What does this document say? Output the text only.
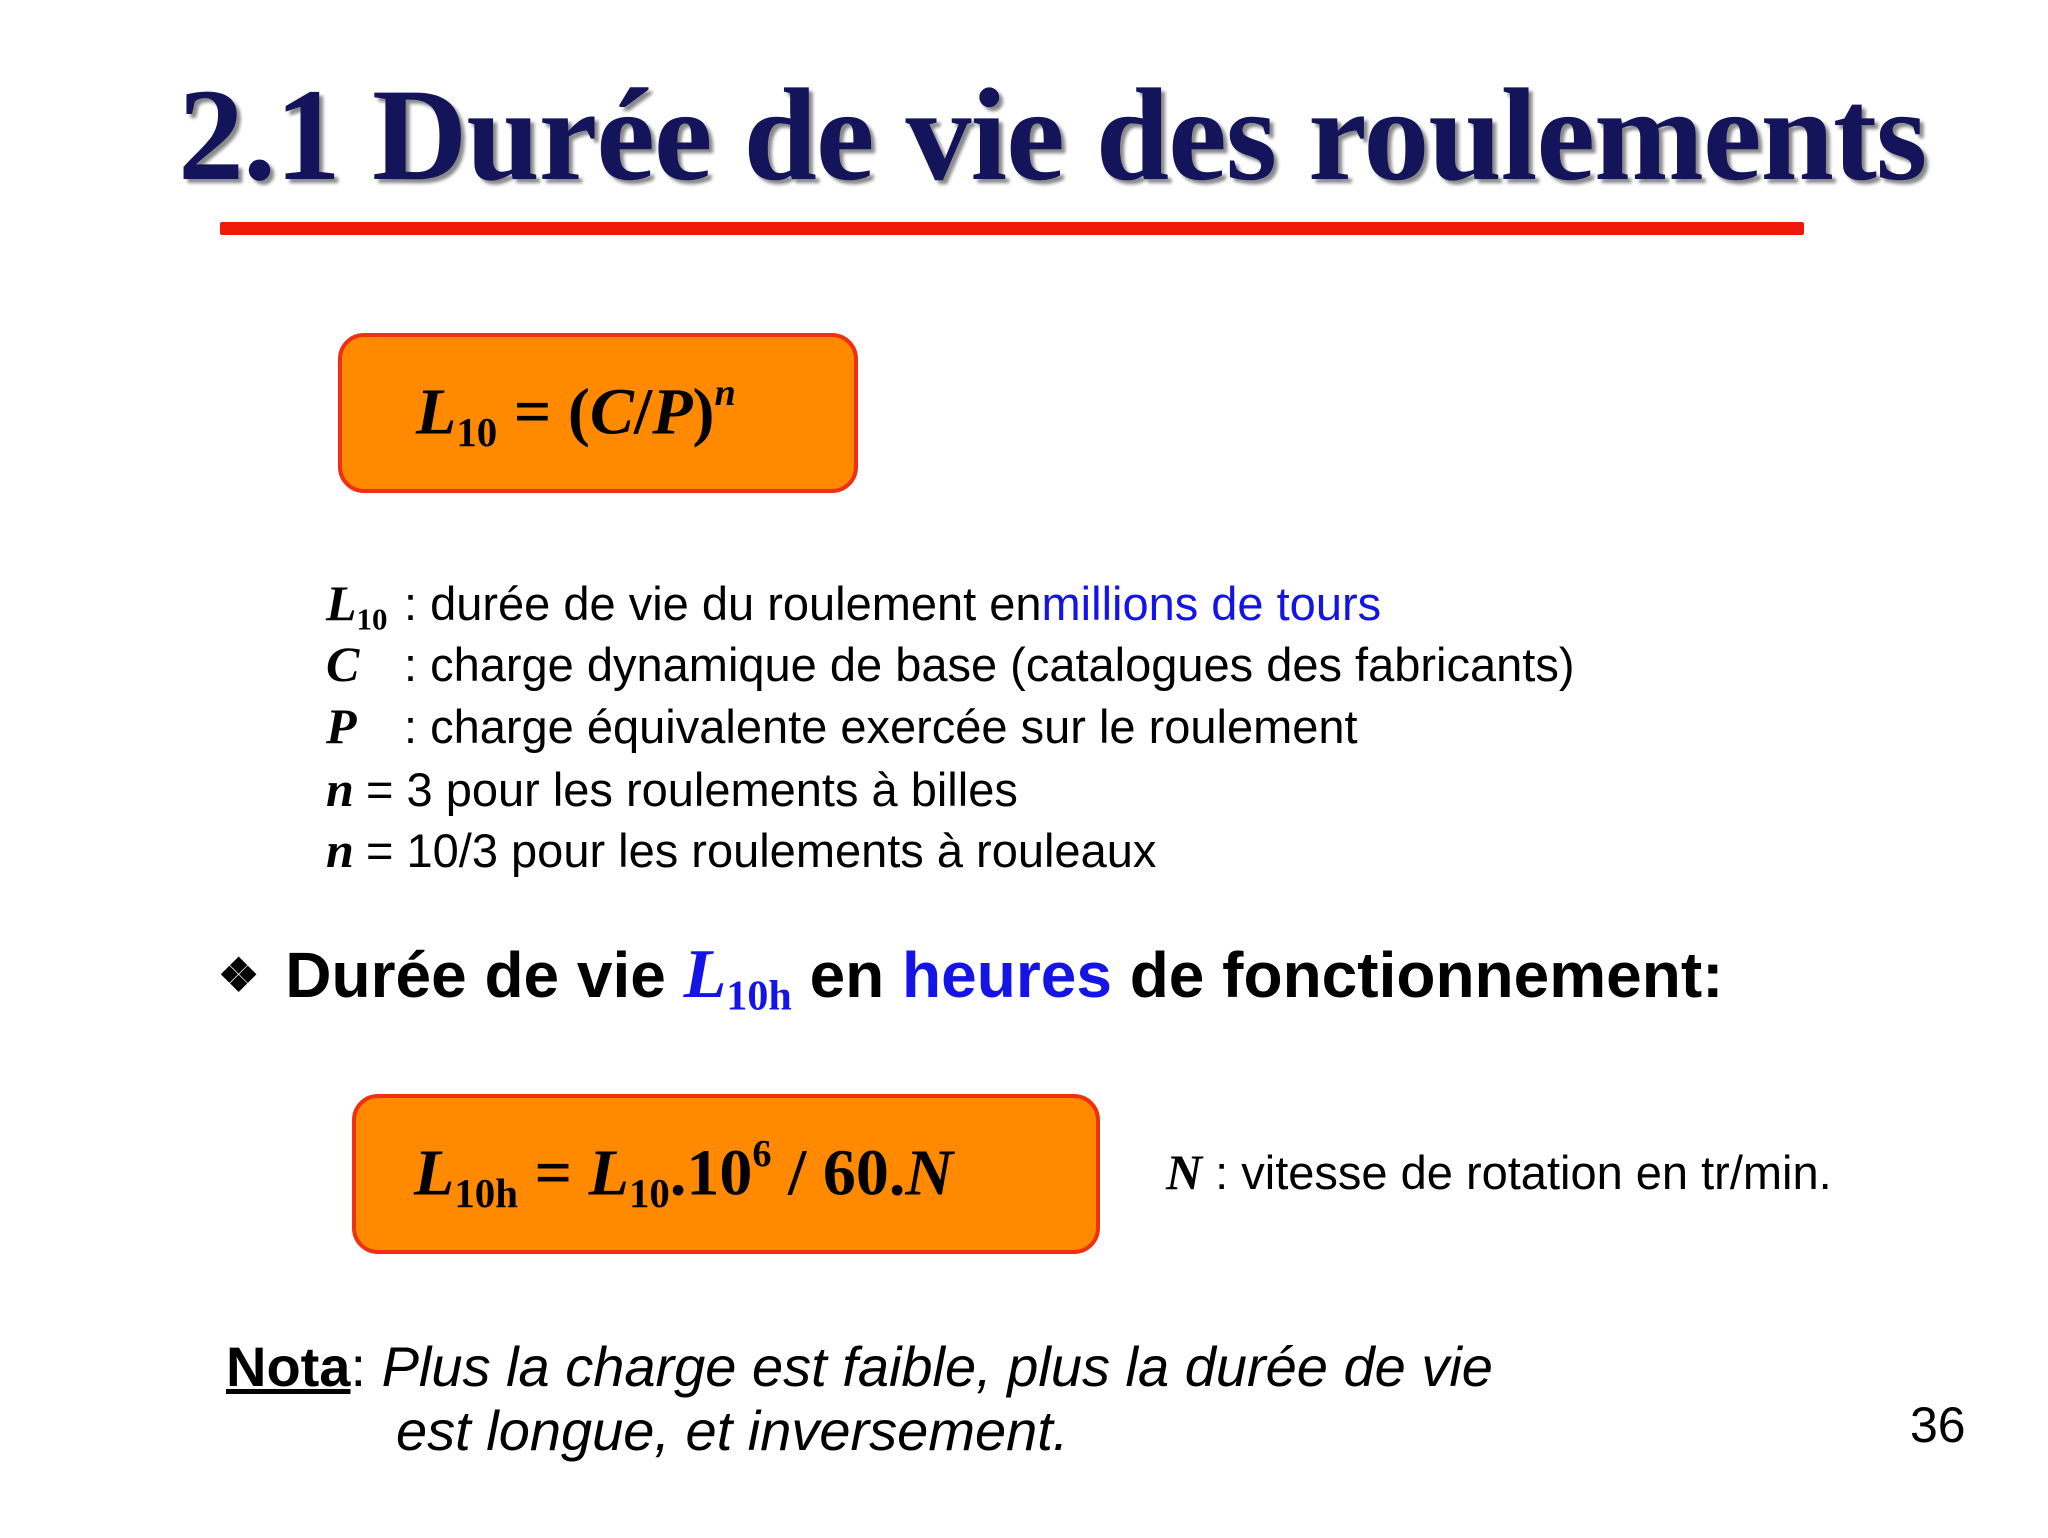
2.1 Durée de vie des roulements
$L_{10} = (C/P)^n$
$L_{10}$ : durée de vie du roulement en millions de tours
C : charge dynamique de base (catalogues des fabricants)
P	: charge équivalente exercée sur le roulement
n = 3 pour les roulements à billes
n = 10/3 pour les roulements à rouleaux
❖ Durée de vie
$L_{10h}$ en heures de fonctionnement:
$L_{10h} = L_{10}.10^6 / 60.N$	N : vitesse de rotation en tr/min.
Nota: Plus la charge est faible, plus la durée de vie
est longue, et inversement.	36
